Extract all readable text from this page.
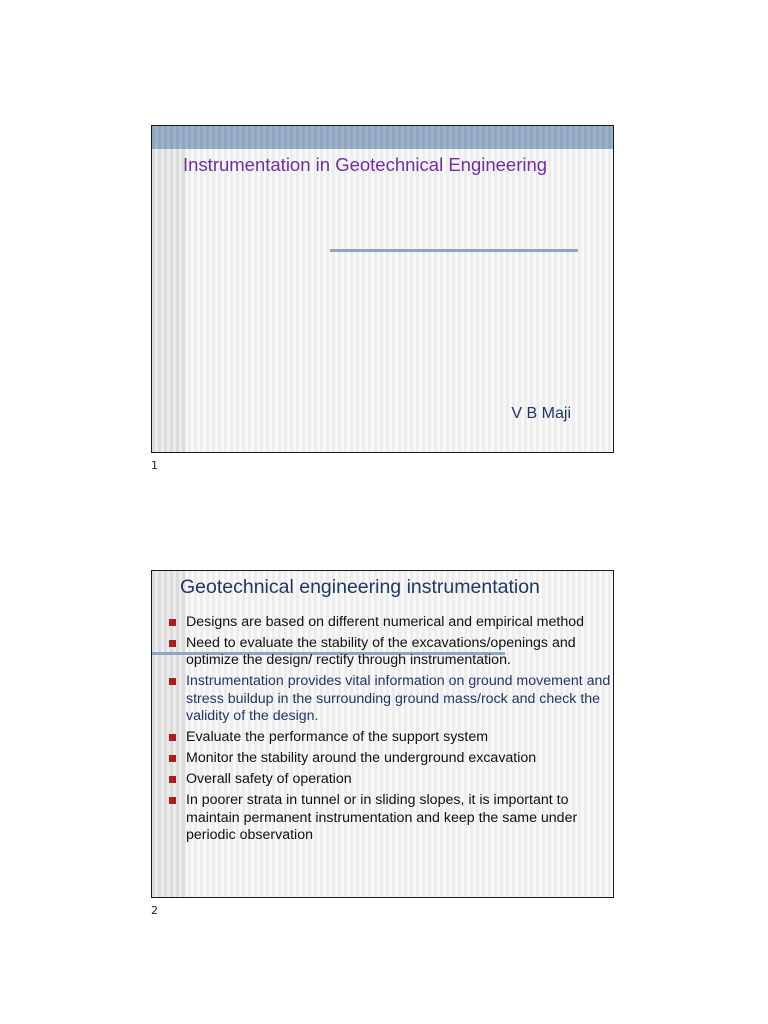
Instrumentation in Geotechnical Engineering
V B Maji
1
Geotechnical engineering instrumentation
Designs are based on different numerical and empirical method
Need to evaluate the stability of the excavations/openings and optimize the design/ rectify through instrumentation.
Instrumentation provides vital information on ground movement and stress buildup in the surrounding ground mass/rock and check the validity of the design.
Evaluate the performance of the support system
Monitor the stability around the underground excavation
Overall safety of operation
In poorer strata in tunnel or in sliding slopes, it is important to maintain permanent instrumentation and keep the same under periodic observation
2
